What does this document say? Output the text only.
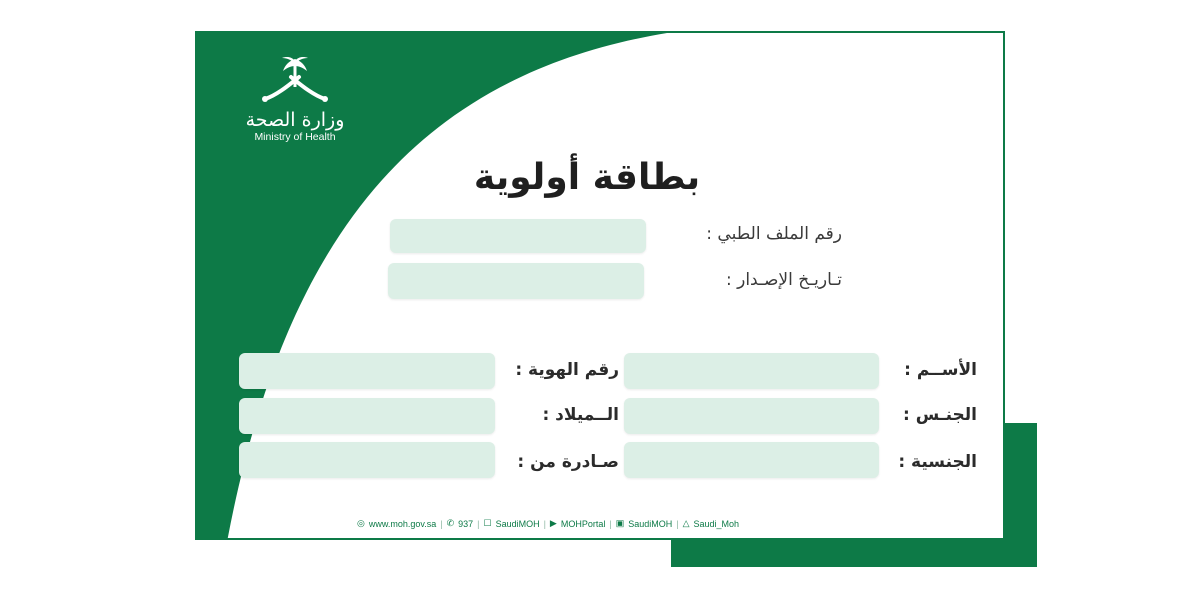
وزارة الصحة
Ministry of Health
بطاقة أولوية
رقم الملف الطبي :
تـاريـخ الإصـدار :
الأســم :
الجنـس :
الجنسية :
رقم الهوية :
الــميلاد :
صـادرة من :
◎ www.moh.gov.sa | ✆ 937 | ☐ SaudiMOH | ▶ MOHPortal | ▣ SaudiMOH | △ Saudi_Moh
